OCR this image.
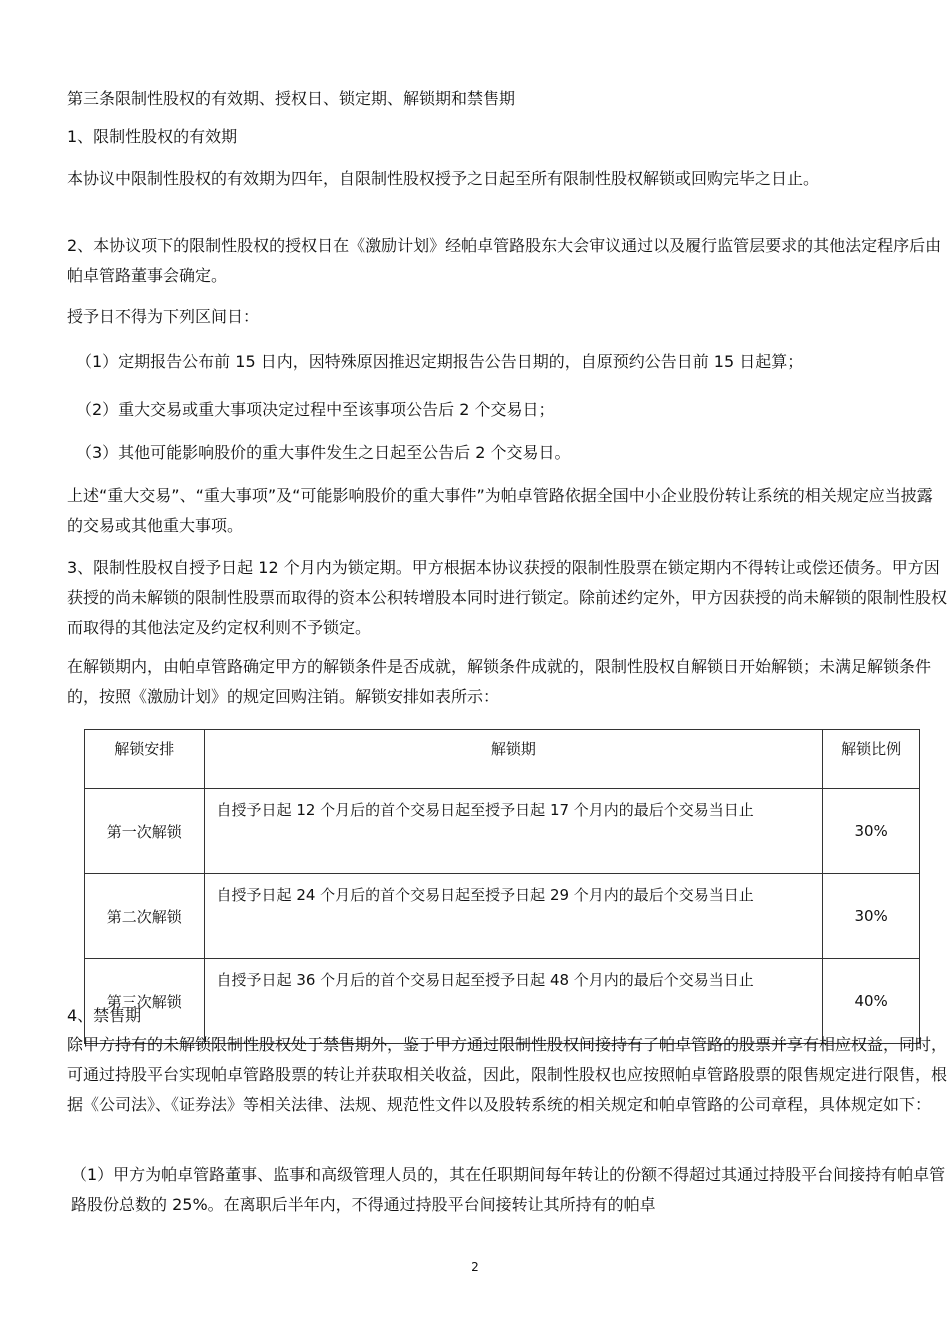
第三条限制性股权的有效期、授权日、锁定期、解锁期和禁售期

1、限制性股权的有效期

本协议中限制性股权的有效期为四年，自限制性股权授予之日起至所有限制性股权解锁或回购完毕之日止。

2、本协议项下的限制性股权的授权日在《激励计划》经帕卓管路股东大会审议通过以及履行监管层要求的其他法定程序后由帕卓管路董事会确定。

授予日不得为下列区间日：

（1）定期报告公布前 15 日内，因特殊原因推迟定期报告公告日期的，自原预约公告日前 15 日起算；

（2）重大交易或重大事项决定过程中至该事项公告后 2 个交易日；

（3）其他可能影响股价的重大事件发生之日起至公告后 2 个交易日。

上述“重大交易”、“重大事项”及“可能影响股价的重大事件”为帕卓管路依据全国中小企业股份转让系统的相关规定应当披露的交易或其他重大事项。

3、限制性股权自授予日起 12 个月内为锁定期。甲方根据本协议获授的限制性股票在锁定期内不得转让或偿还债务。甲方因获授的尚未解锁的限制性股票而取得的资本公积转增股本同时进行锁定。除前述约定外，甲方因获授的尚未解锁的限制性股权而取得的其他法定及约定权利则不予锁定。

在解锁期内，由帕卓管路确定甲方的解锁条件是否成就，解锁条件成就的，限制性股权自解锁日开始解锁；未满足解锁条件的，按照《激励计划》的规定回购注销。解锁安排如表所示：

解锁安排	解锁期	解锁比例
第一次解锁	自授予日起 12 个月后的首个交易日起至授予日起 17 个月内的最后个交易当日止	30%
第二次解锁	自授予日起 24 个月后的首个交易日起至授予日起 29 个月内的最后个交易当日止	30%
第三次解锁	自授予日起 36 个月后的首个交易日起至授予日起 48 个月内的最后个交易当日止	40%

4、禁售期

除甲方持有的未解锁限制性股权处于禁售期外，鉴于甲方通过限制性股权间接持有了帕卓管路的股票并享有相应权益，同时，可通过持股平台实现帕卓管路股票的转让并获取相关收益，因此，限制性股权也应按照帕卓管路股票的限售规定进行限售，根据《公司法》、《证券法》等相关法律、法规、规范性文件以及股转系统的相关规定和帕卓管路的公司章程，具体规定如下：

（1）甲方为帕卓管路董事、监事和高级管理人员的，其在任职期间每年转让的份额不得超过其通过持股平台间接持有帕卓管路股份总数的 25%。在离职后半年内，不得通过持股平台间接转让其所持有的帕卓

2
